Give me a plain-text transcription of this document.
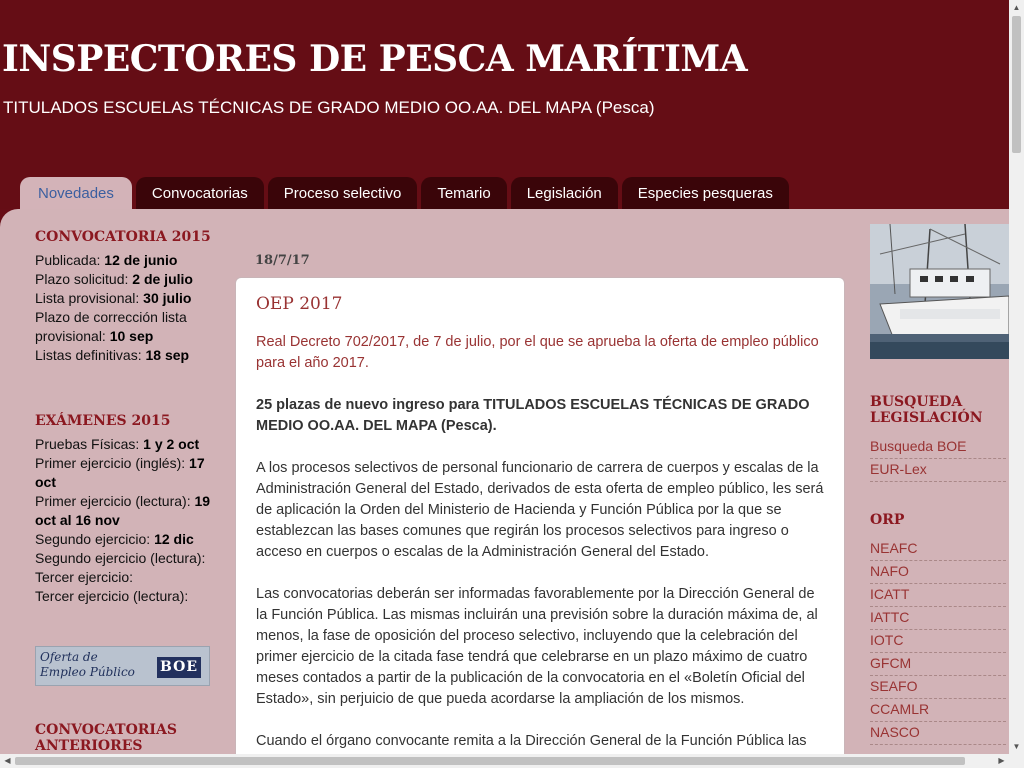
INSPECTORES DE PESCA MARÍTIMA
TITULADOS ESCUELAS TÉCNICAS DE GRADO MEDIO OO.AA. DEL MAPA (Pesca)
Novedades	Convocatorias	Proceso selectivo	Temario	Legislación	Especies pesqueras
CONVOCATORIA 2015
Publicada: 12 de junio
Plazo solicitud: 2 de julio
Lista provisional: 30 julio
Plazo de corrección lista provisional: 10 sep
Listas definitivas: 18 sep
EXÁMENES 2015
Pruebas Físicas: 1 y 2 oct
Primer ejercicio (inglés): 17 oct
Primer ejercicio (lectura): 19 oct al 16 nov
Segundo ejercicio: 12 dic
Segundo ejercicio (lectura):
Tercer ejercicio:
Tercer ejercicio (lectura):
Oferta de
Empleo Público BOE
CONVOCATORIAS ANTERIORES
18/7/17
OEP 2017

Real Decreto 702/2017, de 7 de julio, por el que se aprueba la oferta de empleo público para el año 2017.

25 plazas de nuevo ingreso para TITULADOS ESCUELAS TÉCNICAS DE GRADO MEDIO OO.AA. DEL MAPA (Pesca).

A los procesos selectivos de personal funcionario de carrera de cuerpos y escalas de la Administración General del Estado, derivados de esta oferta de empleo público, les será de aplicación la Orden del Ministerio de Hacienda y Función Pública por la que se establezcan las bases comunes que regirán los procesos selectivos para ingreso o acceso en cuerpos o escalas de la Administración General del Estado.

Las convocatorias deberán ser informadas favorablemente por la Dirección General de la Función Pública. Las mismas incluirán una previsión sobre la duración máxima de, al menos, la fase de oposición del proceso selectivo, incluyendo que la celebración del primer ejercicio de la citada fase tendrá que celebrarse en un plazo máximo de cuatro meses contados a partir de la publicación de la convocatoria en el «Boletín Oficial del Estado», sin perjuicio de que pueda acordarse la ampliación de los mismos.

Cuando el órgano convocante remita a la Dirección General de la Función Pública las

BUSQUEDA LEGISLACIÓN
Busqueda BOE
EUR-Lex
ORP
NEAFC
NAFO
ICATT
IATTC
IOTC
GFCM
SEAFO
CCAMLR
NASCO
▲
▼
◀	▶
